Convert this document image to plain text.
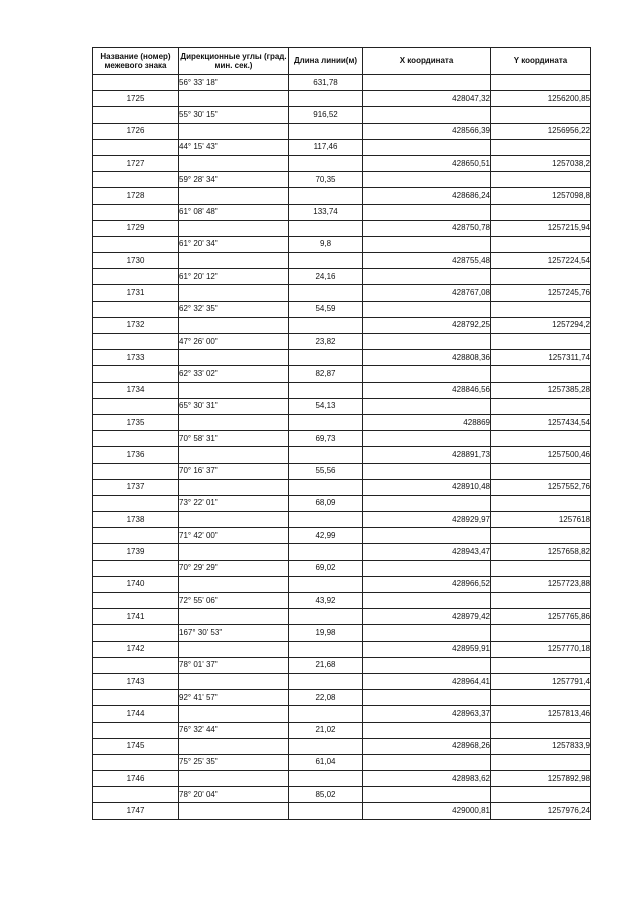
Название (номер) межевого знака	Дирекционные углы (град. мин. сек.)	Длина линии(м)	X координата	Y координата
	56° 33' 18"	631,78		
1725			428047,32	1256200,85
	55° 30' 15"	916,52		
1726			428566,39	1256956,22
	44° 15' 43"	117,46		
1727			428650,51	1257038,2
	59° 28' 34"	70,35		
1728			428686,24	1257098,8
	61° 08' 48"	133,74		
1729			428750,78	1257215,94
	61° 20' 34"	9,8		
1730			428755,48	1257224,54
	61° 20' 12"	24,16		
1731			428767,08	1257245,76
	62° 32' 35"	54,59		
1732			428792,25	1257294,2
	47° 26' 00"	23,82		
1733			428808,36	1257311,74
	62° 33' 02"	82,87		
1734			428846,56	1257385,28
	65° 30' 31"	54,13		
1735			428869	1257434,54
	70° 58' 31"	69,73		
1736			428891,73	1257500,46
	70° 16' 37"	55,56		
1737			428910,48	1257552,76
	73° 22' 01"	68,09		
1738			428929,97	1257618
	71° 42' 00"	42,99		
1739			428943,47	1257658,82
	70° 29' 29"	69,02		
1740			428966,52	1257723,88
	72° 55' 06"	43,92		
1741			428979,42	1257765,86
	167° 30' 53"	19,98		
1742			428959,91	1257770,18
	78° 01' 37"	21,68		
1743			428964,41	1257791,4
	92° 41' 57"	22,08		
1744			428963,37	1257813,46
	76° 32' 44"	21,02		
1745			428968,26	1257833,9
	75° 25' 35"	61,04		
1746			428983,62	1257892,98
	78° 20' 04"	85,02		
1747			429000,81	1257976,24
